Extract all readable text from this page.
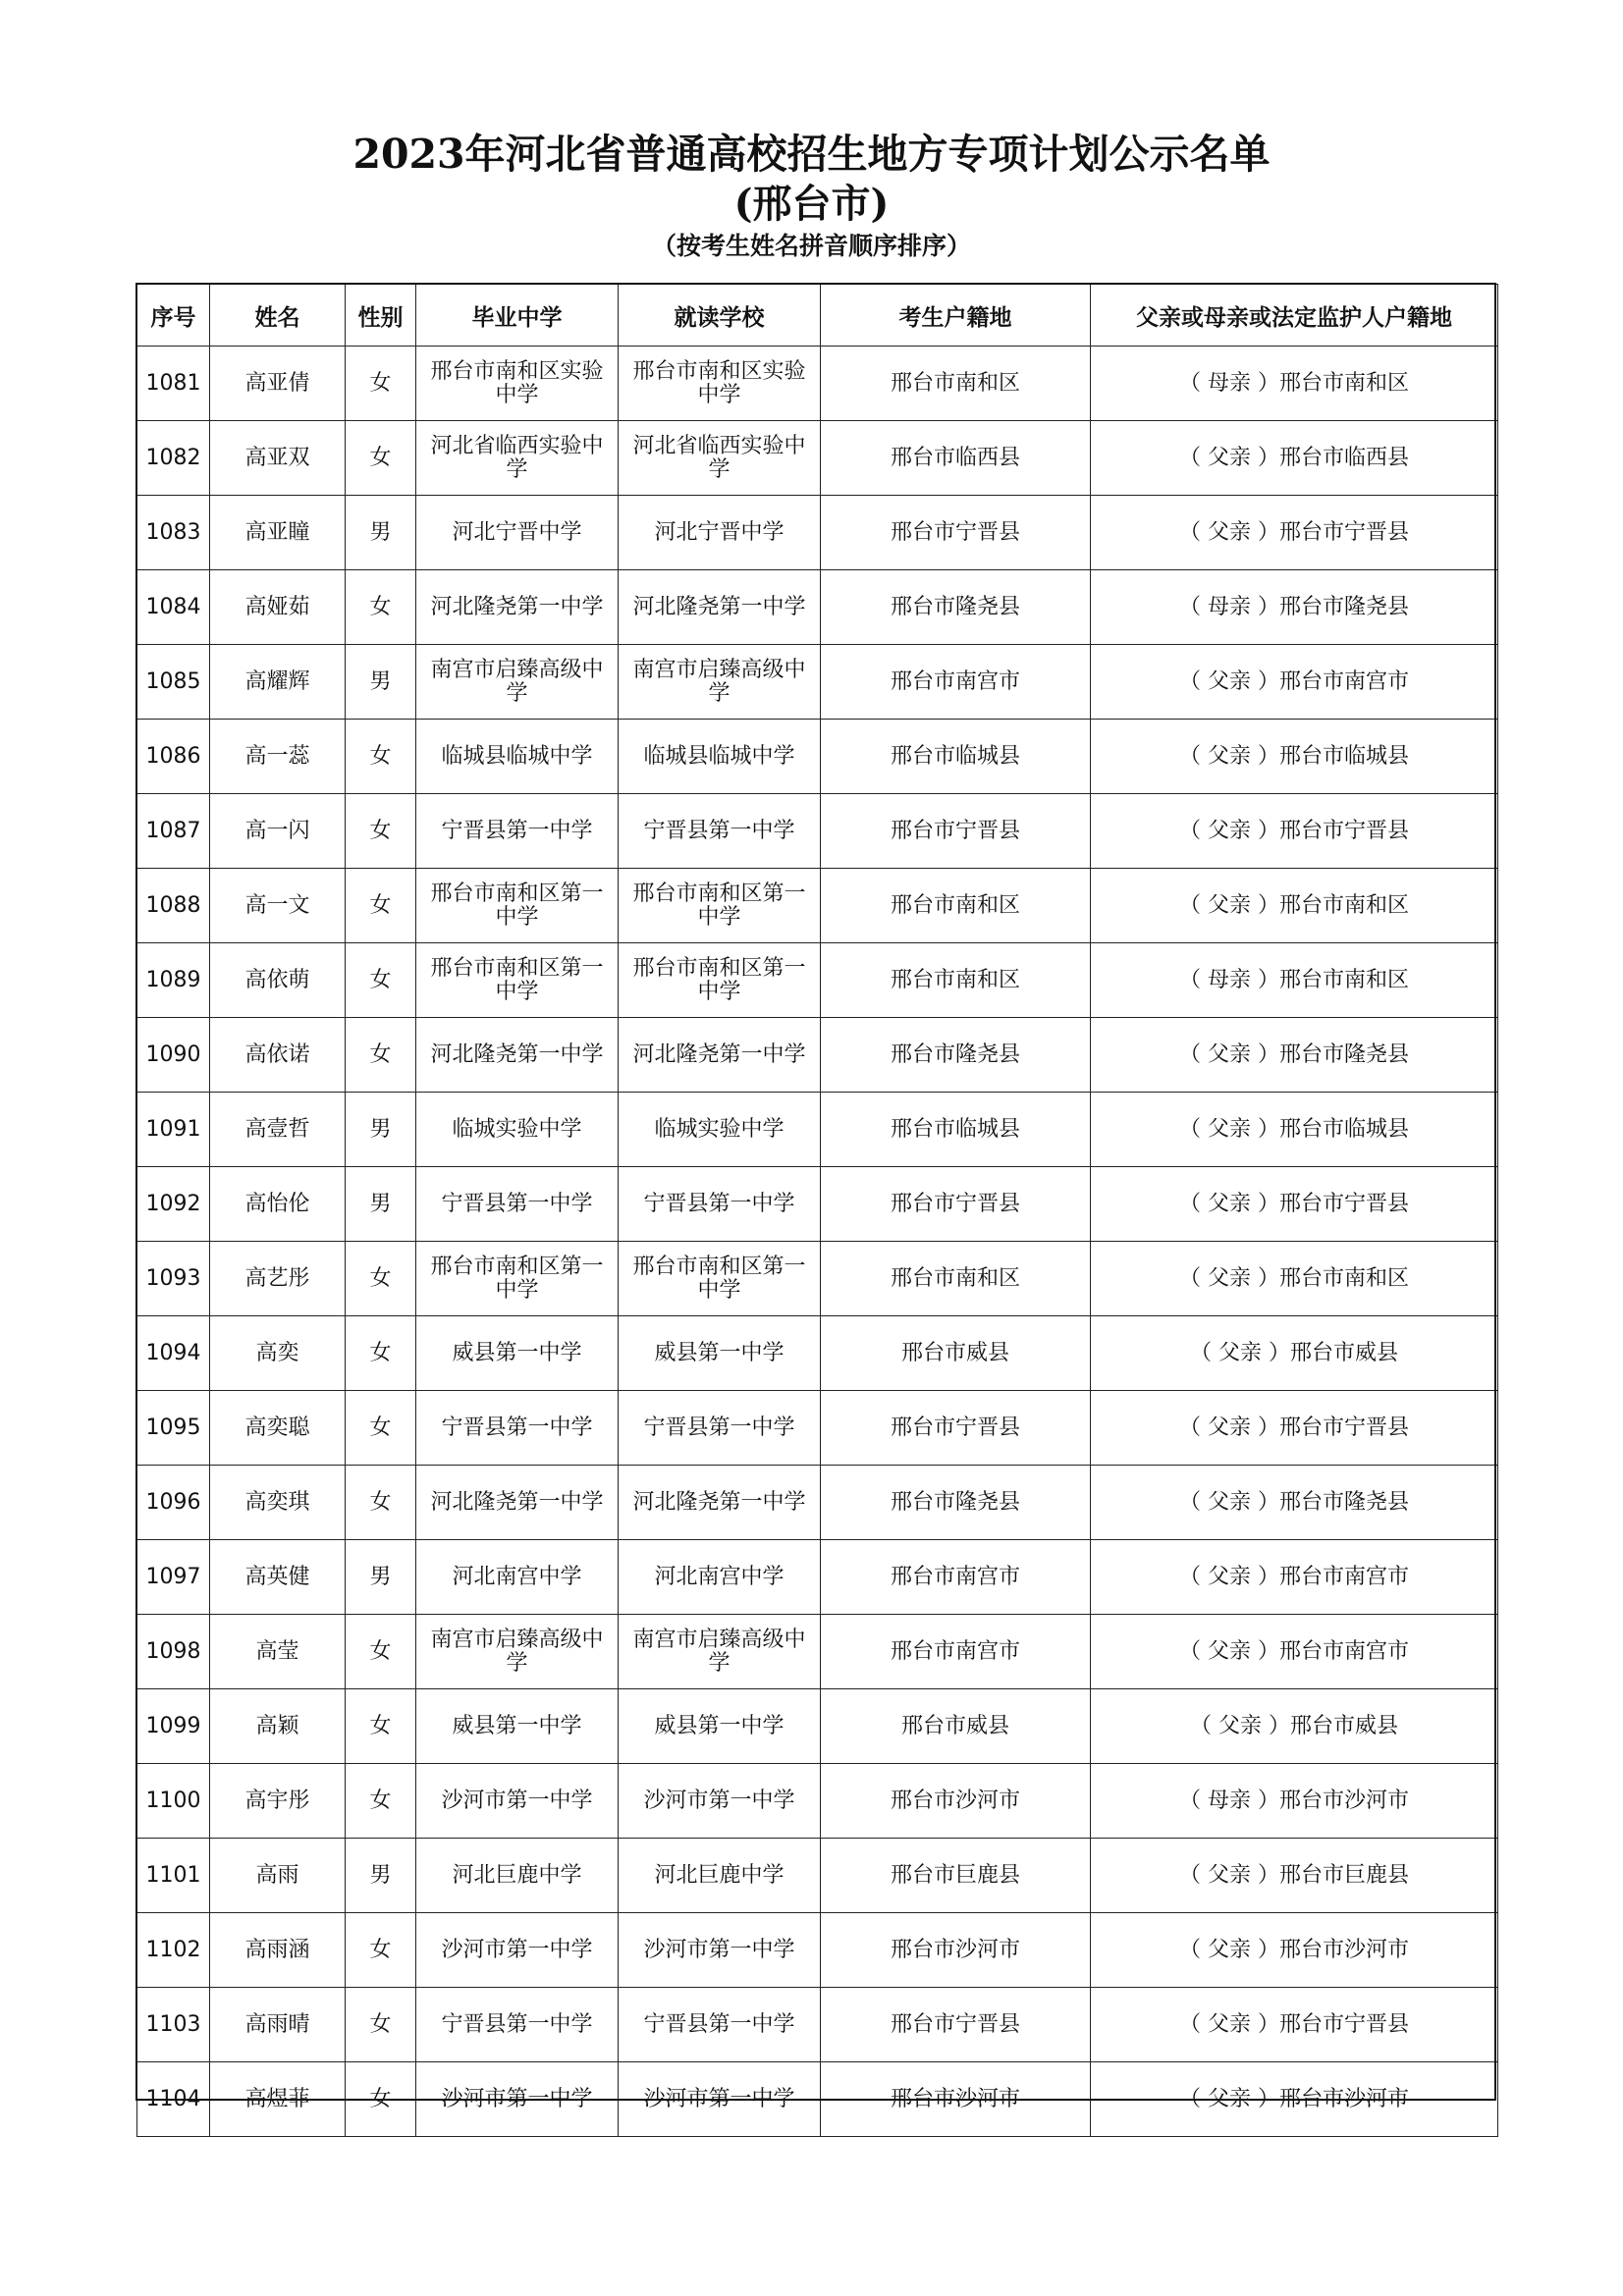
2023年河北省普通高校招生地方专项计划公示名单
(邢台市)
（按考生姓名拼音顺序排序）
序号	姓名	性别	毕业中学	就读学校	考生户籍地	父亲或母亲或法定监护人户籍地
1081	高亚倩	女	邢台市南和区实验中学	邢台市南和区实验中学	邢台市南和区	（ 母亲 ）邢台市南和区
1082	高亚双	女	河北省临西实验中学	河北省临西实验中学	邢台市临西县	（ 父亲 ）邢台市临西县
1083	高亚瞳	男	河北宁晋中学	河北宁晋中学	邢台市宁晋县	（ 父亲 ）邢台市宁晋县
1084	高娅茹	女	河北隆尧第一中学	河北隆尧第一中学	邢台市隆尧县	（ 母亲 ）邢台市隆尧县
1085	高耀辉	男	南宫市启臻高级中学	南宫市启臻高级中学	邢台市南宫市	（ 父亲 ）邢台市南宫市
1086	高一蕊	女	临城县临城中学	临城县临城中学	邢台市临城县	（ 父亲 ）邢台市临城县
1087	高一闪	女	宁晋县第一中学	宁晋县第一中学	邢台市宁晋县	（ 父亲 ）邢台市宁晋县
1088	高一文	女	邢台市南和区第一中学	邢台市南和区第一中学	邢台市南和区	（ 父亲 ）邢台市南和区
1089	高依萌	女	邢台市南和区第一中学	邢台市南和区第一中学	邢台市南和区	（ 母亲 ）邢台市南和区
1090	高依诺	女	河北隆尧第一中学	河北隆尧第一中学	邢台市隆尧县	（ 父亲 ）邢台市隆尧县
1091	高壹哲	男	临城实验中学	临城实验中学	邢台市临城县	（ 父亲 ）邢台市临城县
1092	高怡伦	男	宁晋县第一中学	宁晋县第一中学	邢台市宁晋县	（ 父亲 ）邢台市宁晋县
1093	高艺彤	女	邢台市南和区第一中学	邢台市南和区第一中学	邢台市南和区	（ 父亲 ）邢台市南和区
1094	高奕	女	威县第一中学	威县第一中学	邢台市威县	（ 父亲 ）邢台市威县
1095	高奕聪	女	宁晋县第一中学	宁晋县第一中学	邢台市宁晋县	（ 父亲 ）邢台市宁晋县
1096	高奕琪	女	河北隆尧第一中学	河北隆尧第一中学	邢台市隆尧县	（ 父亲 ）邢台市隆尧县
1097	高英健	男	河北南宫中学	河北南宫中学	邢台市南宫市	（ 父亲 ）邢台市南宫市
1098	高莹	女	南宫市启臻高级中学	南宫市启臻高级中学	邢台市南宫市	（ 父亲 ）邢台市南宫市
1099	高颖	女	威县第一中学	威县第一中学	邢台市威县	（ 父亲 ）邢台市威县
1100	高宇彤	女	沙河市第一中学	沙河市第一中学	邢台市沙河市	（ 母亲 ）邢台市沙河市
1101	高雨	男	河北巨鹿中学	河北巨鹿中学	邢台市巨鹿县	（ 父亲 ）邢台市巨鹿县
1102	高雨涵	女	沙河市第一中学	沙河市第一中学	邢台市沙河市	（ 父亲 ）邢台市沙河市
1103	高雨晴	女	宁晋县第一中学	宁晋县第一中学	邢台市宁晋县	（ 父亲 ）邢台市宁晋县
1104	高煜菲	女	沙河市第一中学	沙河市第一中学	邢台市沙河市	（ 父亲 ）邢台市沙河市
